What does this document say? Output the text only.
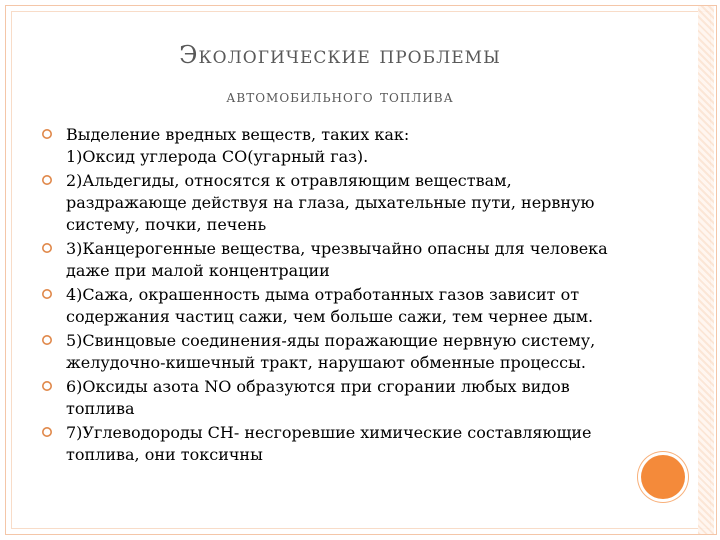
Экологические проблемы
автомобильного топлива
Выделение вредных веществ, таких как:
1)Оксид углерода CO(угарный газ).
2)Альдегиды, относятся к отравляющим веществам,
раздражающе действуя на глаза, дыхательные пути, нервную
систему, почки, печень
3)Канцерогенные вещества, чрезвычайно опасны для человека
даже при малой концентрации
4)Сажа, окрашенность дыма отработанных газов зависит от
содержания частиц сажи, чем больше сажи, тем чернее дым.
5)Свинцовые соединения-яды поражающие нервную систему,
желудочно-кишечный тракт, нарушают обменные процессы.
6)Оксиды азота NO образуются при сгорании любых видов
топлива
7)Углеводороды CH- несгоревшие химические составляющие
топлива, они токсичны
